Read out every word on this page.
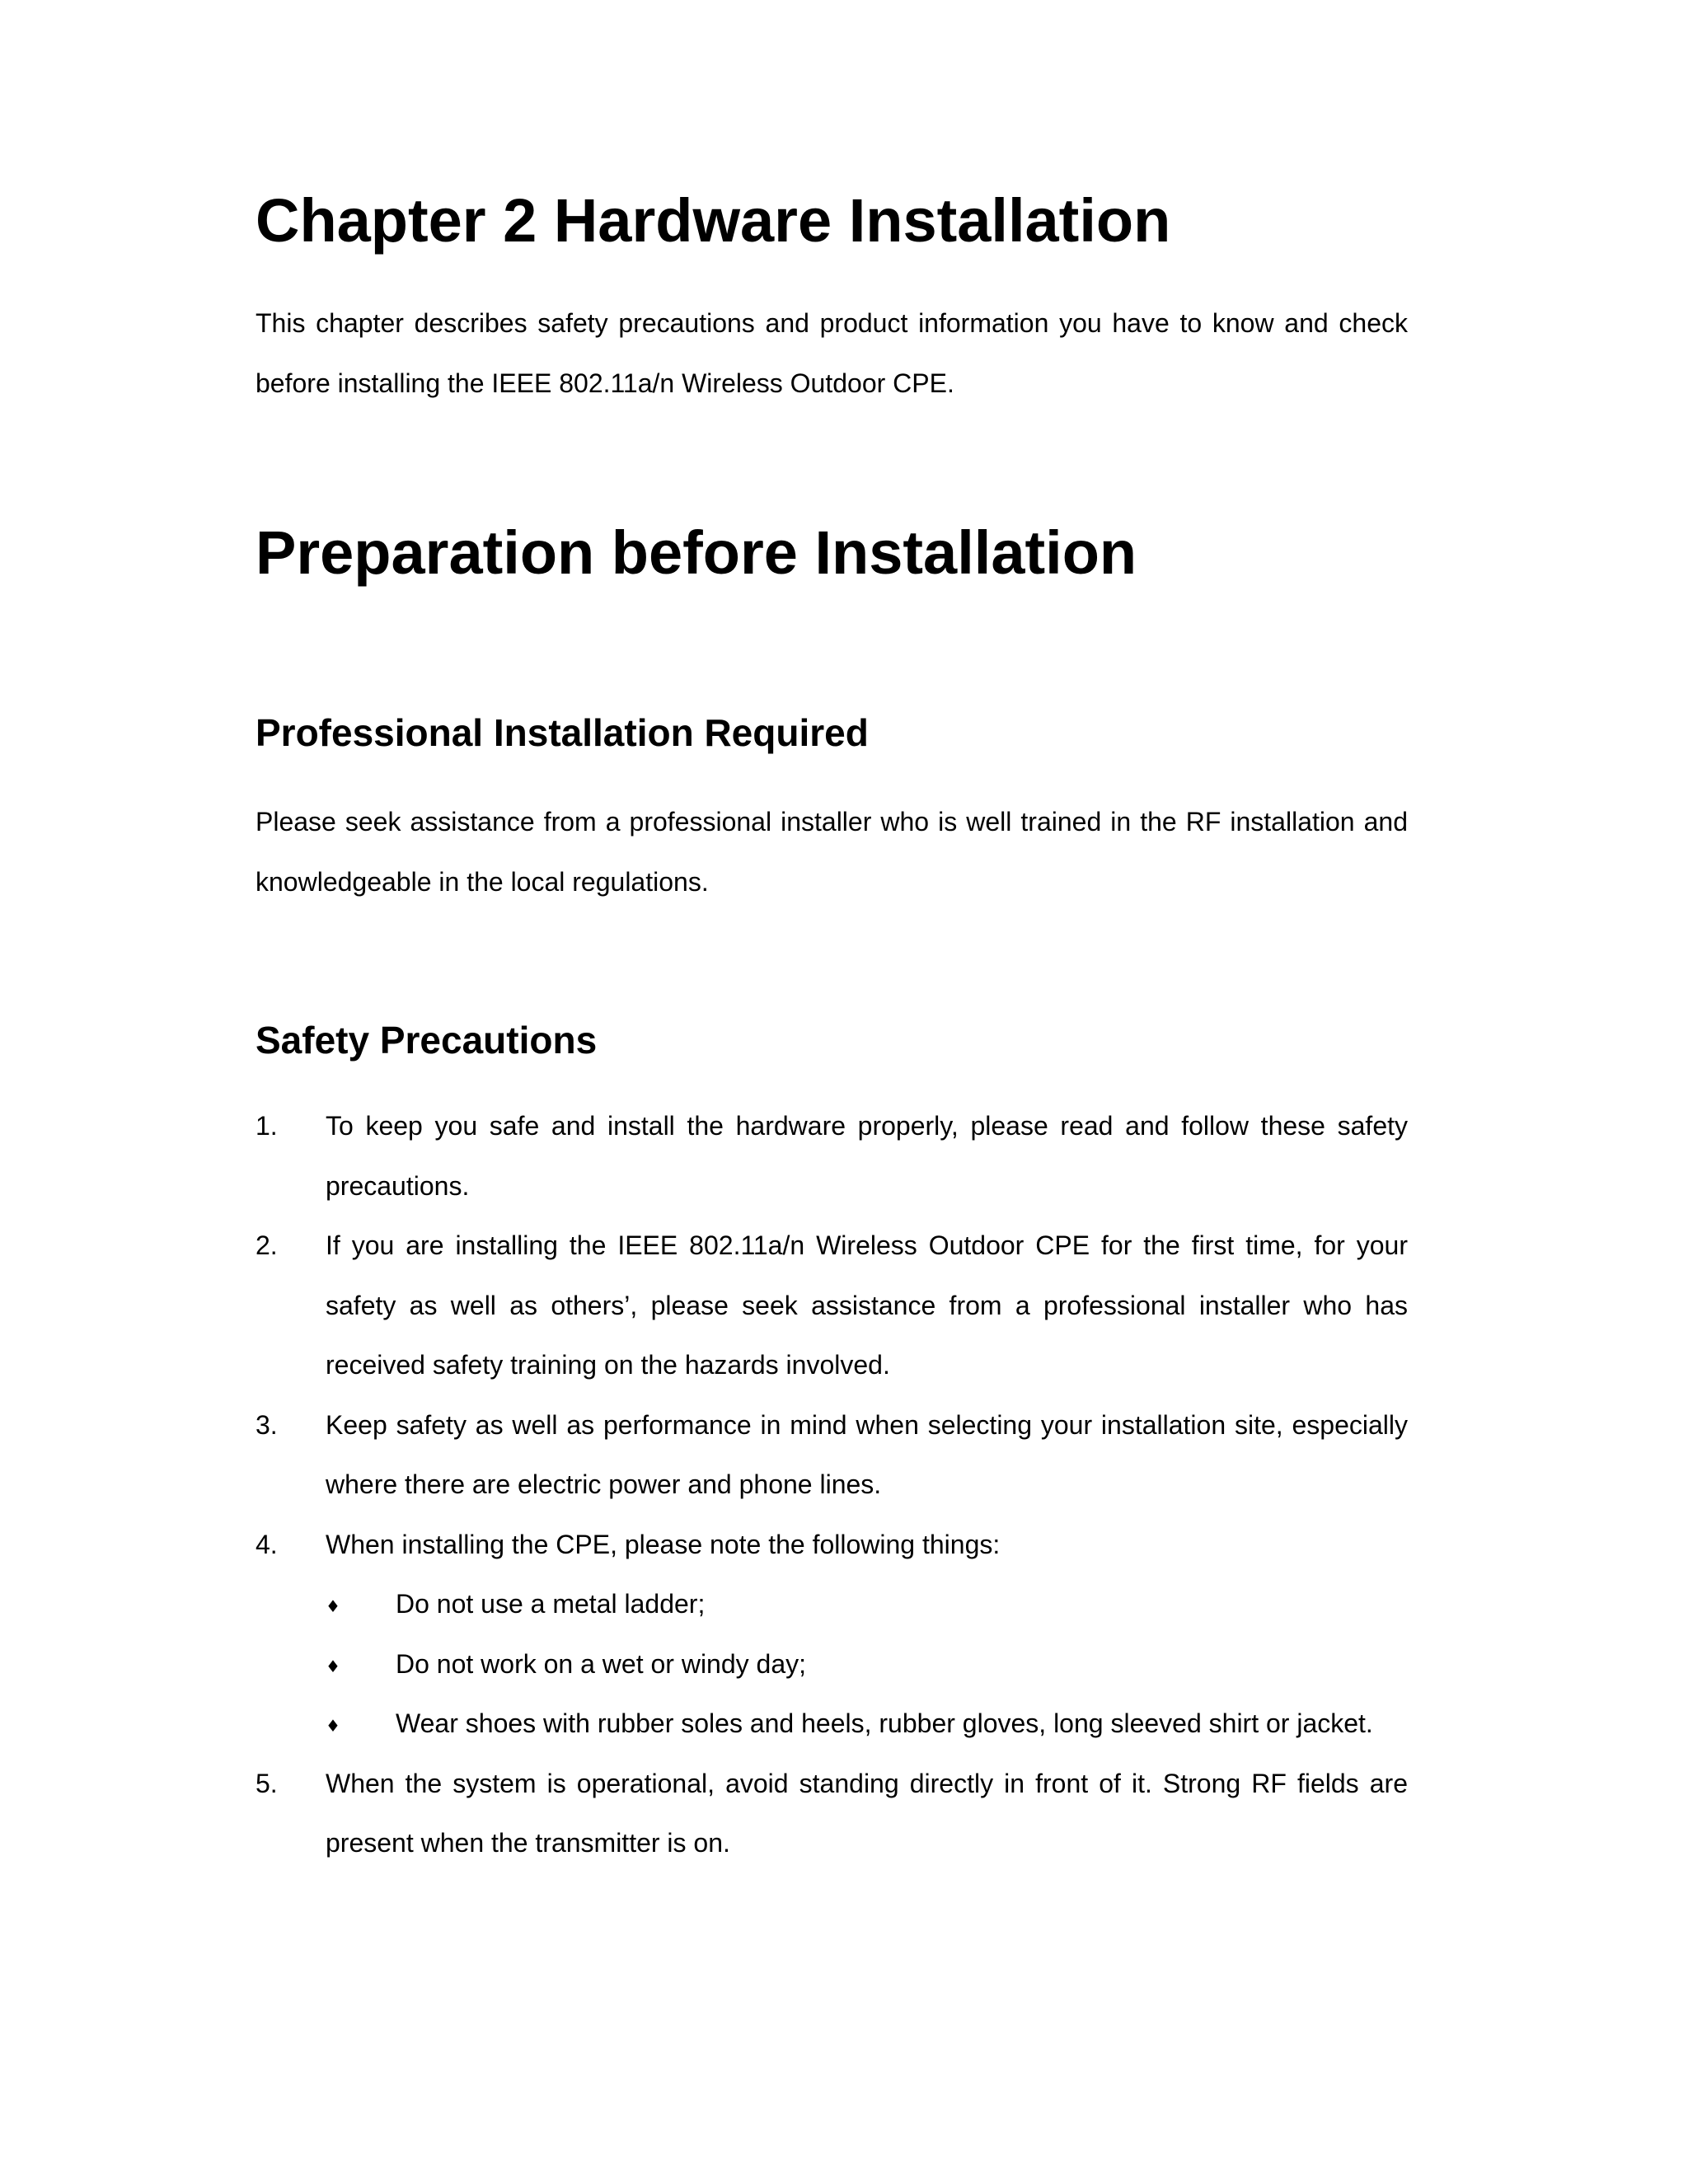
Chapter 2 Hardware Installation

This chapter describes safety precautions and product information you have to know and check before installing the IEEE 802.11a/n Wireless Outdoor CPE.

Preparation before Installation
Professional Installation Required

Please seek assistance from a professional installer who is well trained in the RF installation and knowledgeable in the local regulations.

Safety Precautions
1. To keep you safe and install the hardware properly, please read and follow these safety precautions.
2. If you are installing the IEEE 802.11a/n Wireless Outdoor CPE for the first time, for your safety as well as others’, please seek assistance from a professional installer who has received safety training on the hazards involved.
3. Keep safety as well as performance in mind when selecting your installation site, especially where there are electric power and phone lines.
4. When installing the CPE, please note the following things:
♦ Do not use a metal ladder;
♦ Do not work on a wet or windy day;
♦ Wear shoes with rubber soles and heels, rubber gloves, long sleeved shirt or jacket.
5. When the system is operational, avoid standing directly in front of it. Strong RF fields are present when the transmitter is on.
